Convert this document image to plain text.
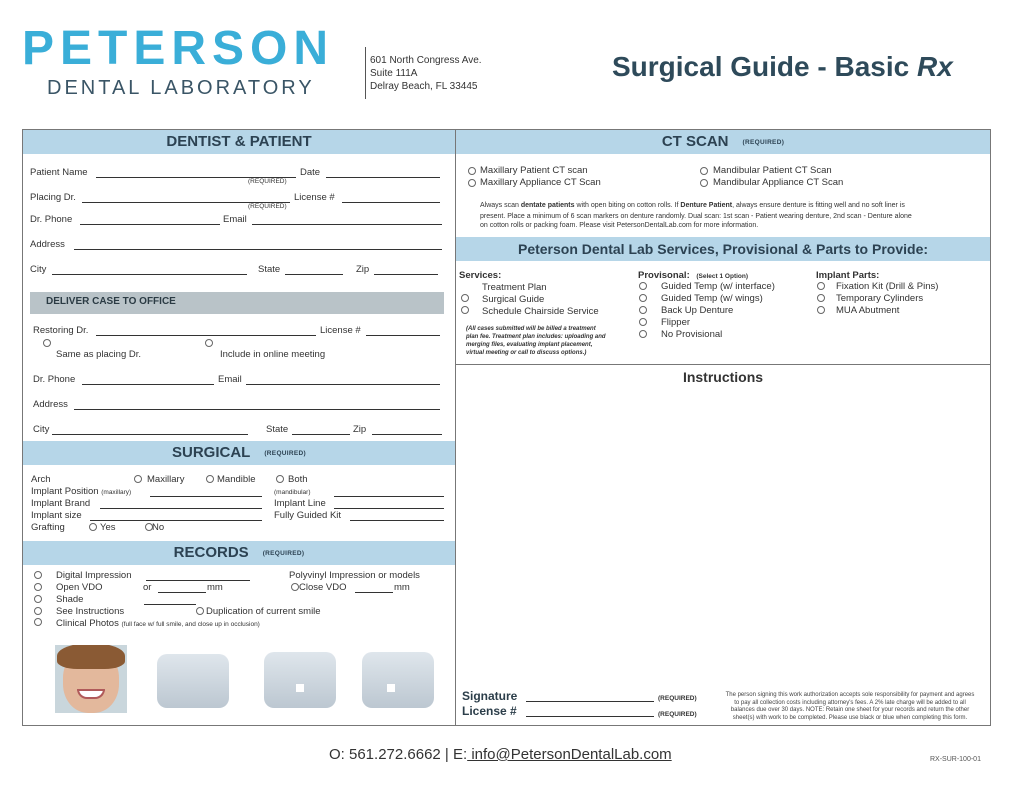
PETERSON
DENTAL LABORATORY
601 North Congress Ave.
Suite 111A
Delray Beach, FL 33445
Surgical Guide - Basic Rx
DENTIST & PATIENT
Patient Name
(REQUIRED)
Date
Placing Dr.
(REQUIRED)
License #
Dr. Phone	Email
Address
City	State	Zip
DELIVER CASE TO OFFICE
Restoring Dr.	License #
Same as placing Dr.	Include in online meeting
Dr. Phone	Email
Address
City	State	Zip
SURGICAL (REQUIRED)
Arch	Maxillary	Mandible	Both
Implant Position (maxillary)	(mandibular)
Implant Brand	Implant Line
Implant size	Fully Guided Kit
Grafting	Yes	No
RECORDS (REQUIRED)
Digital Impression	Polyvinyl Impression or models
Open VDO	or	mm	Close VDO	mm
Shade
See Instructions	Duplication of current smile
Clinical Photos (full face w/ full smile, and close up in occlusion)
CT SCAN (REQUIRED)
Maxillary Patient CT scan
Maxillary Appliance CT Scan
Mandibular Patient CT Scan
Mandibular Appliance CT Scan
Always scan dentate patients with open biting on cotton rolls. If Denture Patient, always ensure denture is fitting well and no soft liner is
present. Place a minimum of 6 scan markers on denture randomly. Dual scan: 1st scan - Patient wearing denture, 2nd scan - Denture alone
on cotton rolls or packing foam. Please visit PetersonDentalLab.com for more information.
Peterson Dental Lab Services, Provisional & Parts to Provide:
Services:
Treatment Plan
Surgical Guide
Schedule Chairside Service
(All cases submitted will be billed a treatment
plan fee. Treatment plan includes: uploading and
merging files, evaluating implant placement,
virtual meeting or call to discuss options.)
Provisonal: (Select 1 Option)
Guided Temp (w/ interface)
Guided Temp (w/ wings)
Back Up Denture
Flipper
No Provisional
Implant Parts:
Fixation Kit (Drill & Pins)
Temporary Cylinders
MUA Abutment
Instructions
Signature	(REQUIRED)
License #	(REQUIRED)
The person signing this work authorization accepts sole responsibility for payment and agrees
to pay all collection costs including attorney's fees. A 2% late charge will be added to all
balances due over 30 days. NOTE: Retain one sheet for your records and return the other
sheet(s) with work to be completed. Please use black or blue when completing this form.
O: 561.272.6662 | E: info@PetersonDentalLab.com	RX-SUR-100-01
